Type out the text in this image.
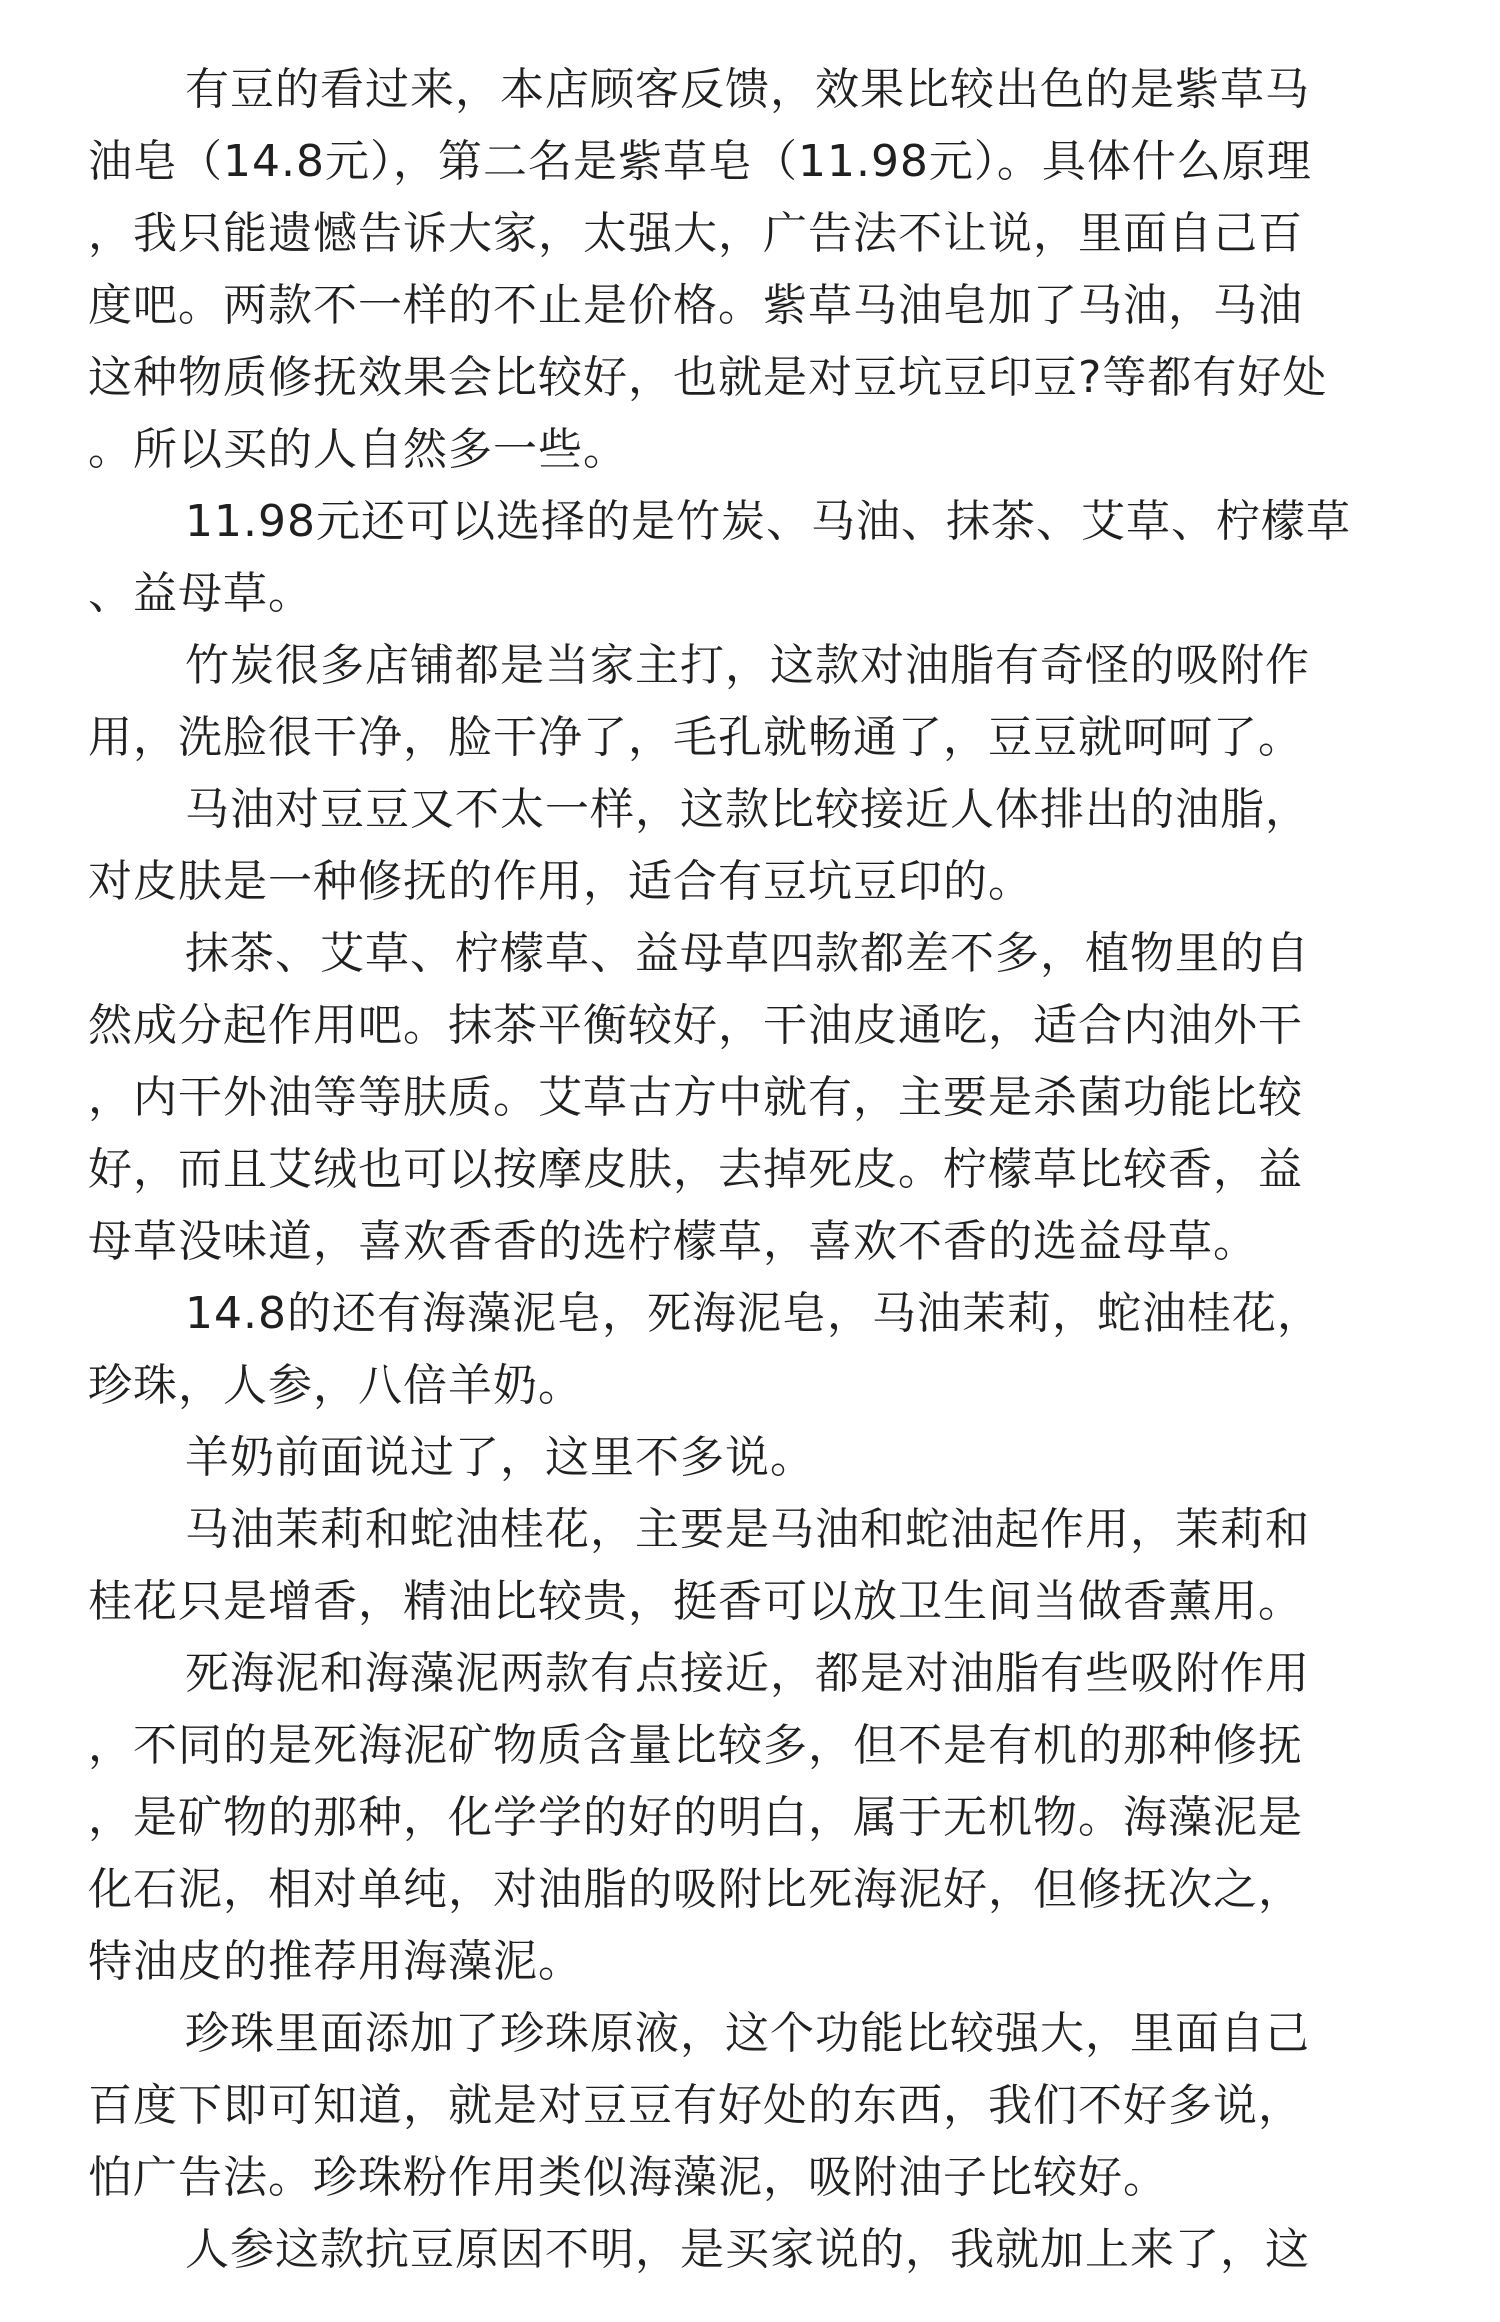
有豆的看过来，本店顾客反馈，效果比较出色的是紫草马
油皂（14.8元），第二名是紫草皂（11.98元）。具体什么原理
，我只能遗憾告诉大家，太强大，广告法不让说，里面自己百
度吧。两款不一样的不止是价格。紫草马油皂加了马油，马油
这种物质修抚效果会比较好，也就是对豆坑豆印豆?等都有好处
。所以买的人自然多一些。
11.98元还可以选择的是竹炭、马油、抹茶、艾草、柠檬草
、益母草。
竹炭很多店铺都是当家主打，这款对油脂有奇怪的吸附作
用，洗脸很干净，脸干净了，毛孔就畅通了，豆豆就呵呵了。
马油对豆豆又不太一样，这款比较接近人体排出的油脂，
对皮肤是一种修抚的作用，适合有豆坑豆印的。
抹茶、艾草、柠檬草、益母草四款都差不多，植物里的自
然成分起作用吧。抹茶平衡较好，干油皮通吃，适合内油外干
，内干外油等等肤质。艾草古方中就有，主要是杀菌功能比较
好，而且艾绒也可以按摩皮肤，去掉死皮。柠檬草比较香，益
母草没味道，喜欢香香的选柠檬草，喜欢不香的选益母草。
14.8的还有海藻泥皂，死海泥皂，马油茉莉，蛇油桂花，
珍珠，人参，八倍羊奶。
羊奶前面说过了，这里不多说。
马油茉莉和蛇油桂花，主要是马油和蛇油起作用，茉莉和
桂花只是增香，精油比较贵，挺香可以放卫生间当做香薰用。
死海泥和海藻泥两款有点接近，都是对油脂有些吸附作用
，不同的是死海泥矿物质含量比较多，但不是有机的那种修抚
，是矿物的那种，化学学的好的明白，属于无机物。海藻泥是
化石泥，相对单纯，对油脂的吸附比死海泥好，但修抚次之，
特油皮的推荐用海藻泥。
珍珠里面添加了珍珠原液，这个功能比较强大，里面自己
百度下即可知道，就是对豆豆有好处的东西，我们不好多说，
怕广告法。珍珠粉作用类似海藻泥，吸附油子比较好。
人参这款抗豆原因不明，是买家说的，我就加上来了，这
